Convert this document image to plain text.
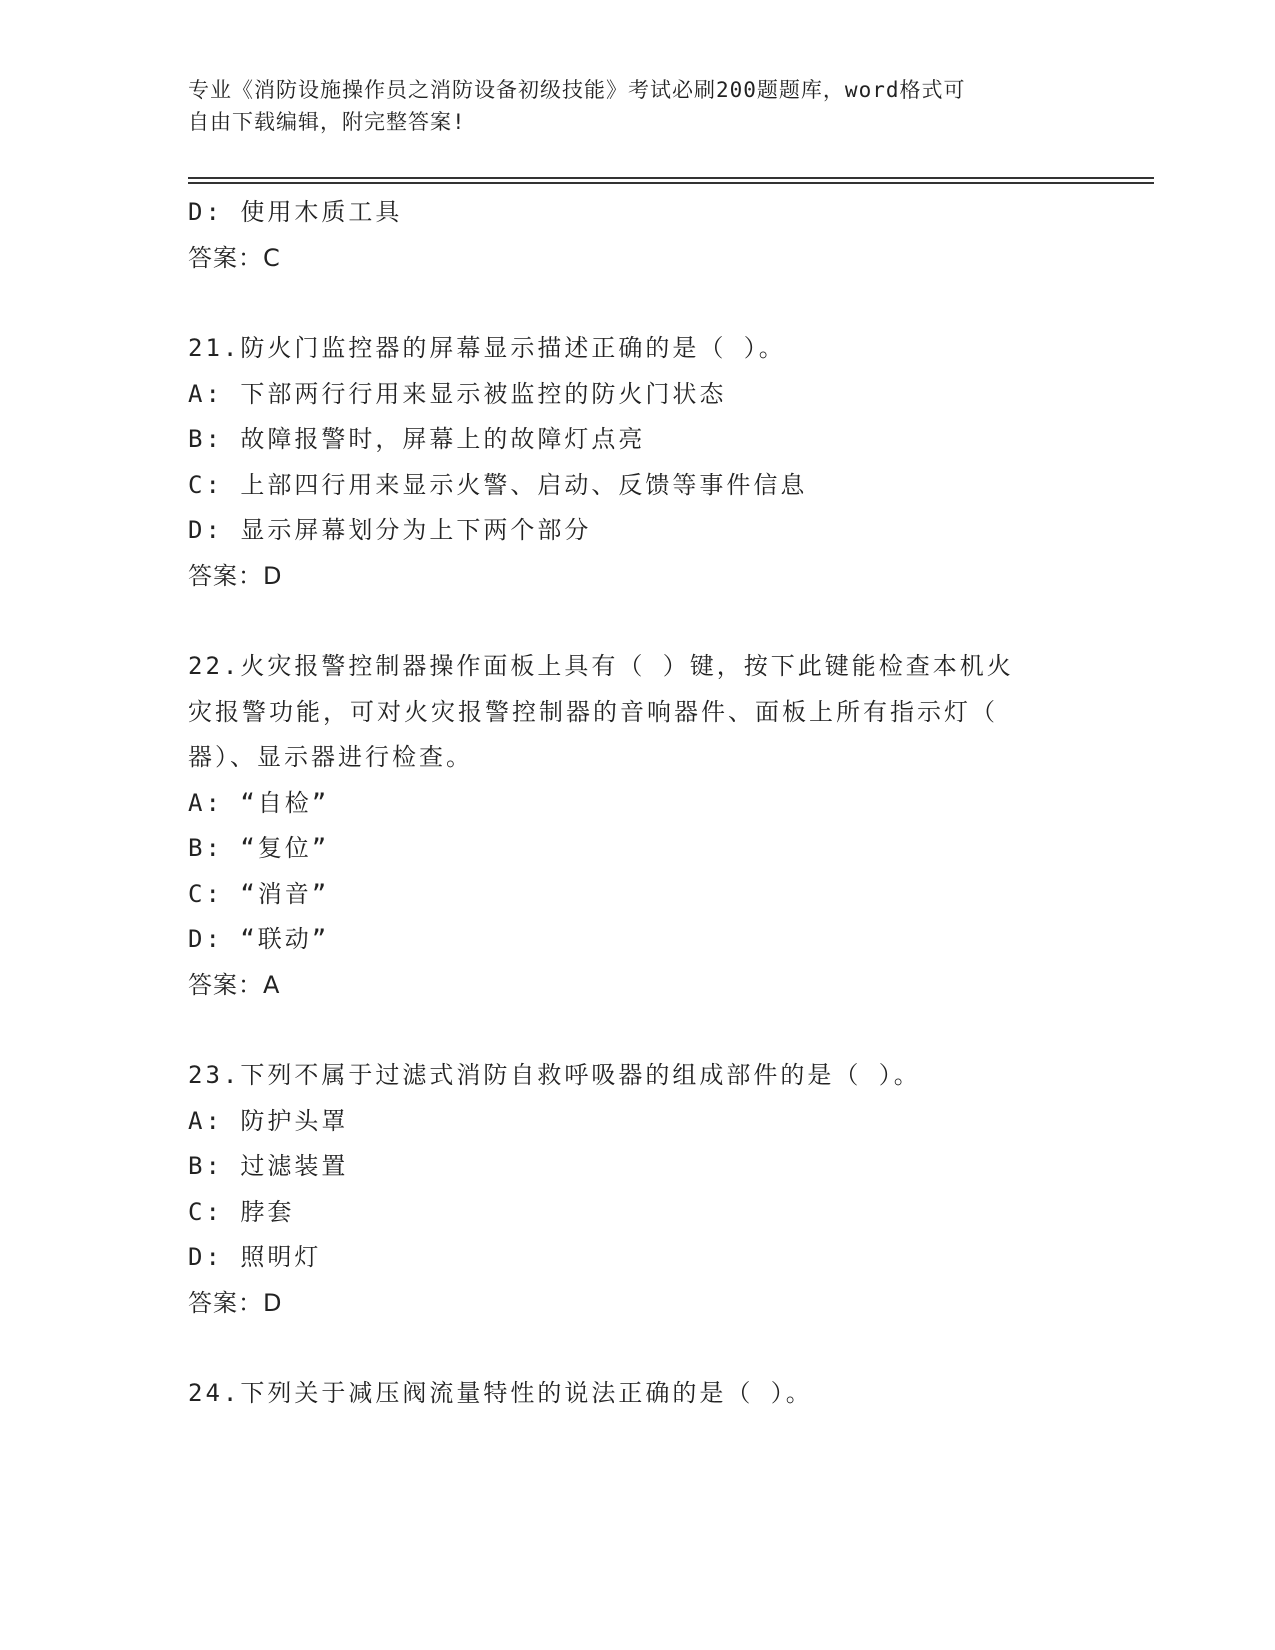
专业《消防设施操作员之消防设备初级技能》考试必刷200题题库，word格式可
自由下载编辑，附完整答案!
D: 使用木质工具
答案：C
21.防火门监控器的屏幕显示描述正确的是（ ）。
A: 下部两行行用来显示被监控的防火门状态
B: 故障报警时，屏幕上的故障灯点亮
C: 上部四行用来显示火警、启动、反馈等事件信息
D: 显示屏幕划分为上下两个部分
答案：D
22.火灾报警控制器操作面板上具有（ ）键，按下此键能检查本机火
灾报警功能，可对火灾报警控制器的音响器件、面板上所有指示灯（
器）、显示器进行检查。
A: “自检”
B: “复位”
C: “消音”
D: “联动”
答案：A
23.下列不属于过滤式消防自救呼吸器的组成部件的是（ ）。
A: 防护头罩
B: 过滤装置
C: 脖套
D: 照明灯
答案：D
24.下列关于减压阀流量特性的说法正确的是（ ）。
